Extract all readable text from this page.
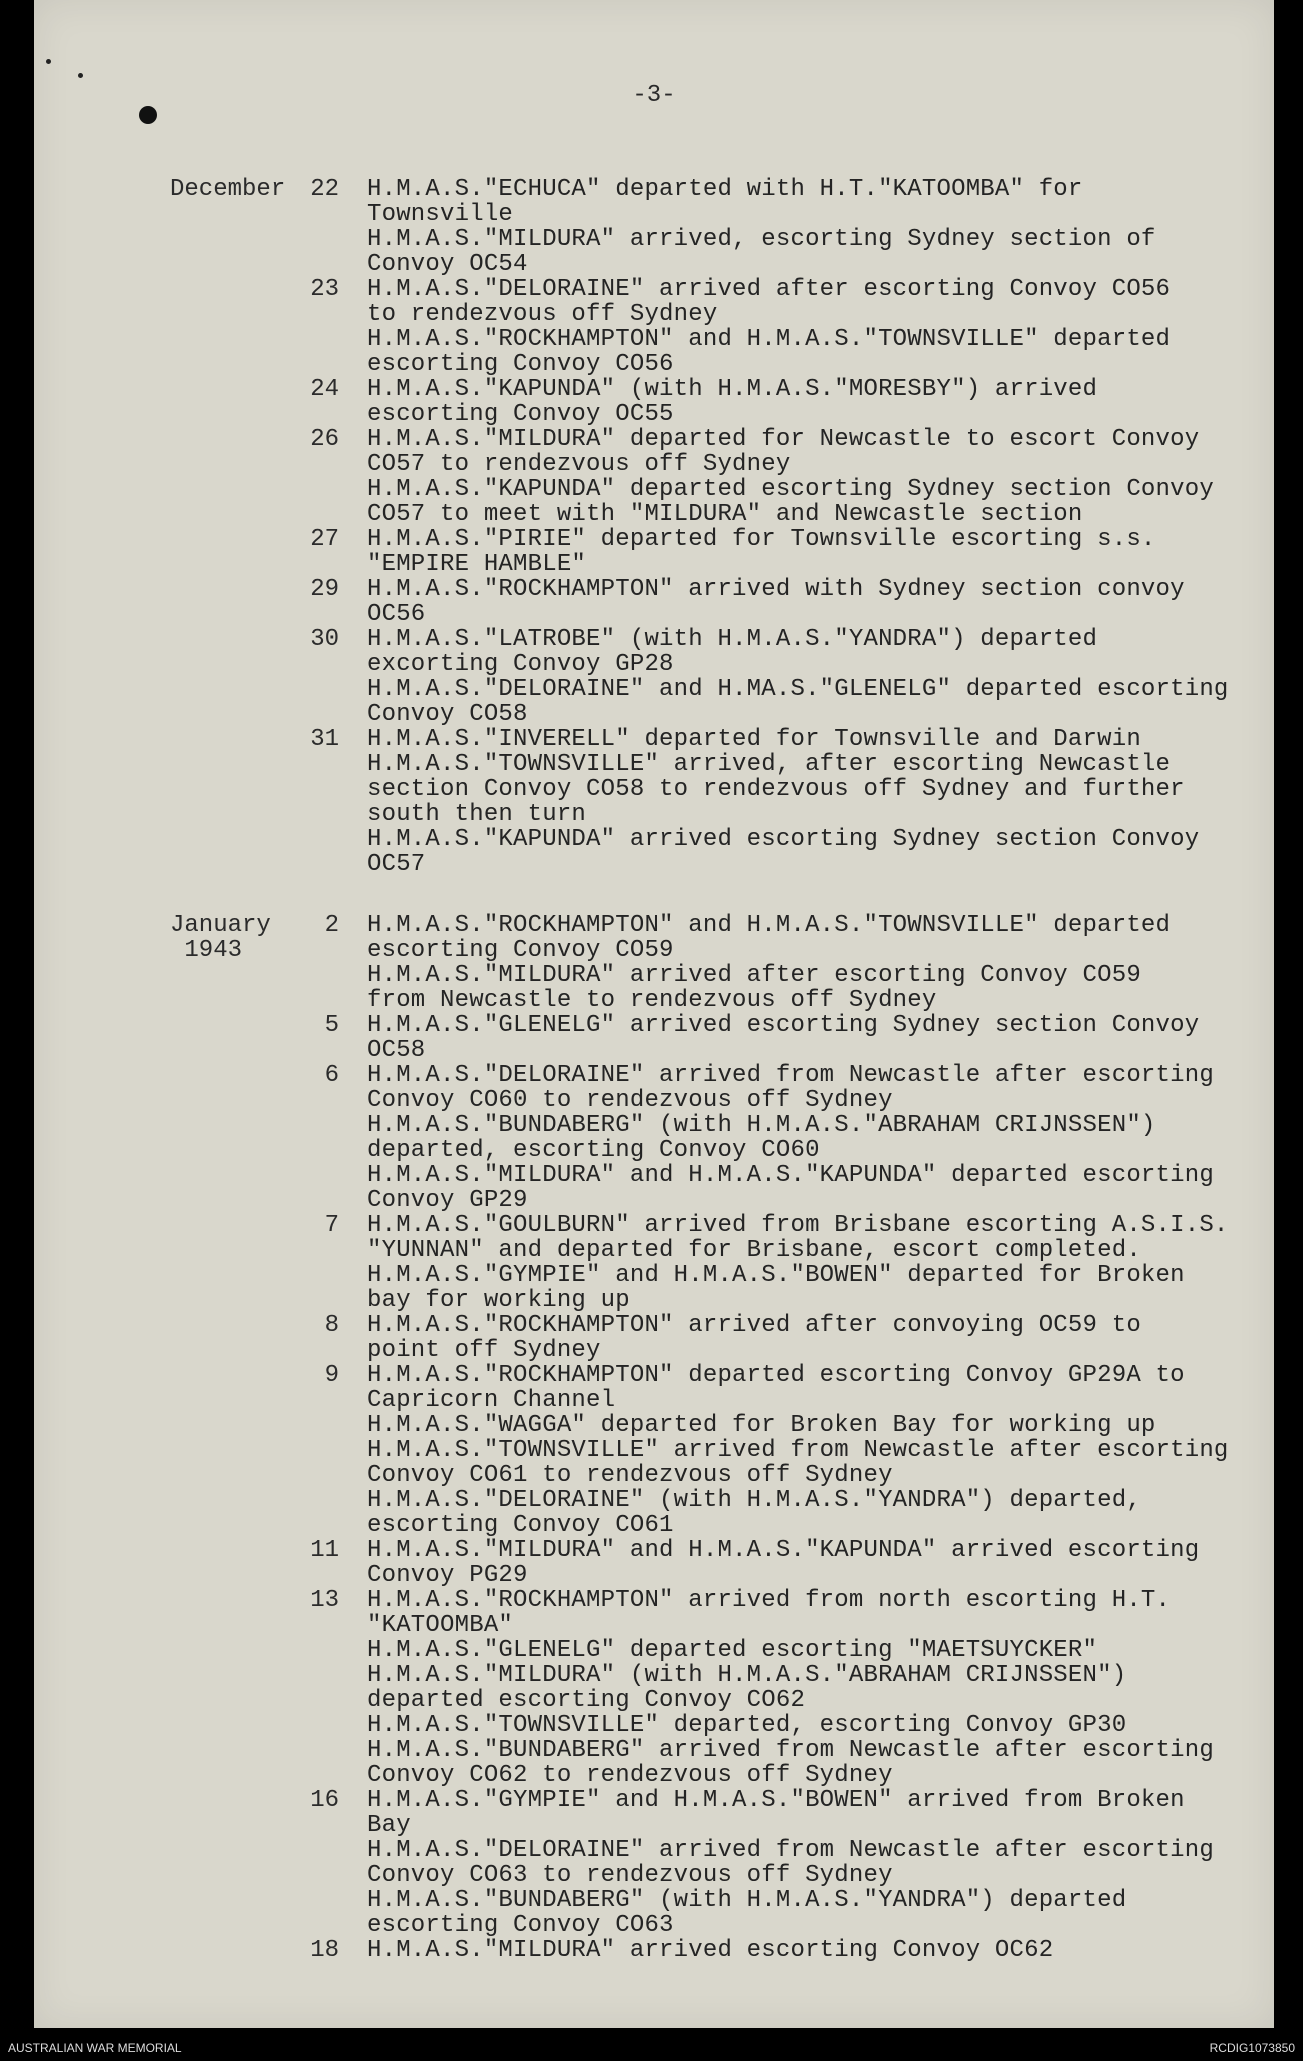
-3-
December	22 H.M.A.S."ECHUCA" departed with H.T."KATOOMBA" for
Townsville
H.M.A.S."MILDURA" arrived, escorting Sydney section of
Convoy OC54
23 H.M.A.S."DELORAINE" arrived after escorting Convoy CO56
to rendezvous off Sydney
H.M.A.S."ROCKHAMPTON" and H.M.A.S."TOWNSVILLE" departed
escorting Convoy CO56
24 H.M.A.S."KAPUNDA" (with H.M.A.S."MORESBY") arrived
escorting Convoy OC55
26 H.M.A.S."MILDURA" departed for Newcastle to escort Convoy
CO57 to rendezvous off Sydney
H.M.A.S."KAPUNDA" departed escorting Sydney section Convoy
CO57 to meet with "MILDURA" and Newcastle section
27 H.M.A.S."PIRIE" departed for Townsville escorting s.s.
"EMPIRE HAMBLE"
29 H.M.A.S."ROCKHAMPTON" arrived with Sydney section convoy
OC56
30 H.M.A.S."LATROBE" (with H.M.A.S."YANDRA") departed
excorting Convoy GP28
H.M.A.S."DELORAINE" and H.MA.S."GLENELG" departed escorting
Convoy CO58
31 H.M.A.S."INVERELL" departed for Townsville and Darwin
H.M.A.S."TOWNSVILLE" arrived, after escorting Newcastle
section Convoy CO58 to rendezvous off Sydney and further
south then turn
H.M.A.S."KAPUNDA" arrived escorting Sydney section Convoy
OC57
January
1943
2 H.M.A.S."ROCKHAMPTON" and H.M.A.S."TOWNSVILLE" departed
escorting Convoy CO59
H.M.A.S."MILDURA" arrived after escorting Convoy CO59
from Newcastle to rendezvous off Sydney
5 H.M.A.S."GLENELG" arrived escorting Sydney section Convoy
OC58
6 H.M.A.S."DELORAINE" arrived from Newcastle after escorting
Convoy CO60 to rendezvous off Sydney
H.M.A.S."BUNDABERG" (with H.M.A.S."ABRAHAM CRIJNSSEN")
departed, escorting Convoy CO60
H.M.A.S."MILDURA" and H.M.A.S."KAPUNDA" departed escorting
Convoy GP29
7 H.M.A.S."GOULBURN" arrived from Brisbane escorting A.S.I.S.
"YUNNAN" and departed for Brisbane, escort completed.
H.M.A.S."GYMPIE" and H.M.A.S."BOWEN" departed for Broken
bay for working up
8 H.M.A.S."ROCKHAMPTON" arrived after convoying OC59 to
point off Sydney
9 H.M.A.S."ROCKHAMPTON" departed escorting Convoy GP29A to
Capricorn Channel
H.M.A.S."WAGGA" departed for Broken Bay for working up
H.M.A.S."TOWNSVILLE" arrived from Newcastle after escorting
Convoy CO61 to rendezvous off Sydney
H.M.A.S."DELORAINE" (with H.M.A.S."YANDRA") departed,
escorting Convoy CO61
11 H.M.A.S."MILDURA" and H.M.A.S."KAPUNDA" arrived escorting
Convoy PG29
13 H.M.A.S."ROCKHAMPTON" arrived from north escorting H.T.
"KATOOMBA"
H.M.A.S."GLENELG" departed escorting "MAETSUYCKER"
H.M.A.S."MILDURA" (with H.M.A.S."ABRAHAM CRIJNSSEN")
departed escorting Convoy CO62
H.M.A.S."TOWNSVILLE" departed, escorting Convoy GP30
H.M.A.S."BUNDABERG" arrived from Newcastle after escorting
Convoy CO62 to rendezvous off Sydney
16 H.M.A.S."GYMPIE" and H.M.A.S."BOWEN" arrived from Broken
Bay
H.M.A.S."DELORAINE" arrived from Newcastle after escorting
Convoy CO63 to rendezvous off Sydney
H.M.A.S."BUNDABERG" (with H.M.A.S."YANDRA") departed
escorting Convoy CO63
18 H.M.A.S."MILDURA" arrived escorting Convoy OC62
AUSTRALIAN WAR MEMORIAL	RCDIG1073850
